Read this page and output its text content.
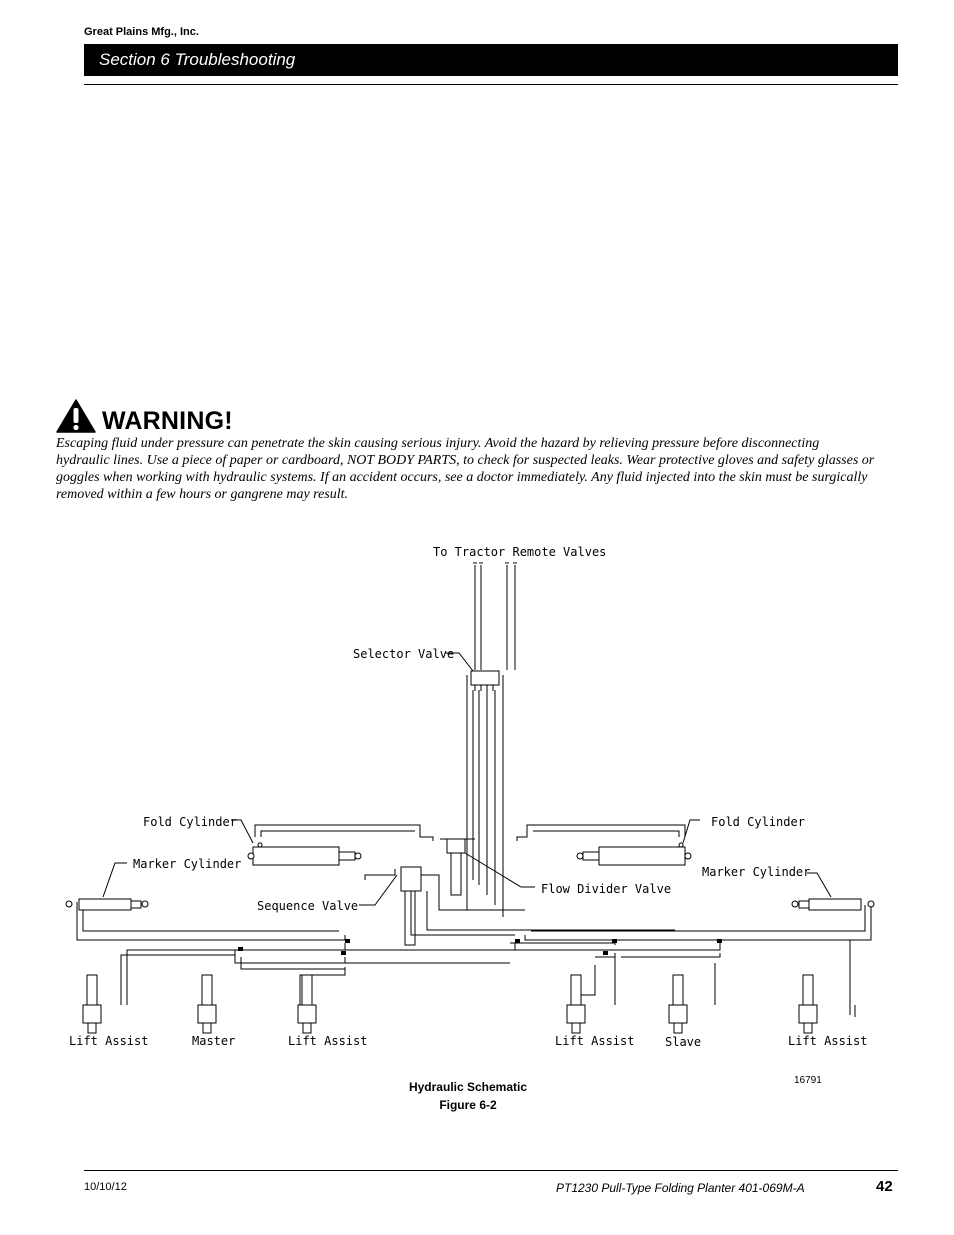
Great Plains Mfg., Inc.
Section 6 Troubleshooting
WARNING!
Escaping fluid under pressure can penetrate the skin causing serious injury. Avoid the hazard by relieving pressure before disconnecting hydraulic lines. Use a piece of paper or cardboard, NOT BODY PARTS, to check for suspected leaks. Wear protective gloves and safety glasses or goggles when working with hydraulic systems. If an accident occurs, see a doctor immediately. Any fluid injected into the skin must be surgically removed within a few hours or gangrene may result.
To Tractor Remote Valves
Selector Valve
Fold Cylinder	Fold Cylinder
Marker Cylinder
Marker Cylinder
Sequence Valve
Flow Divider Valve
Lift Assist	Master	Lift Assist	Lift Assist	Slave	Lift Assist
Hydraulic Schematic
Figure 6-2
16791
10/10/12	PT1230 Pull-Type Folding Planter 401-069M-A	42
